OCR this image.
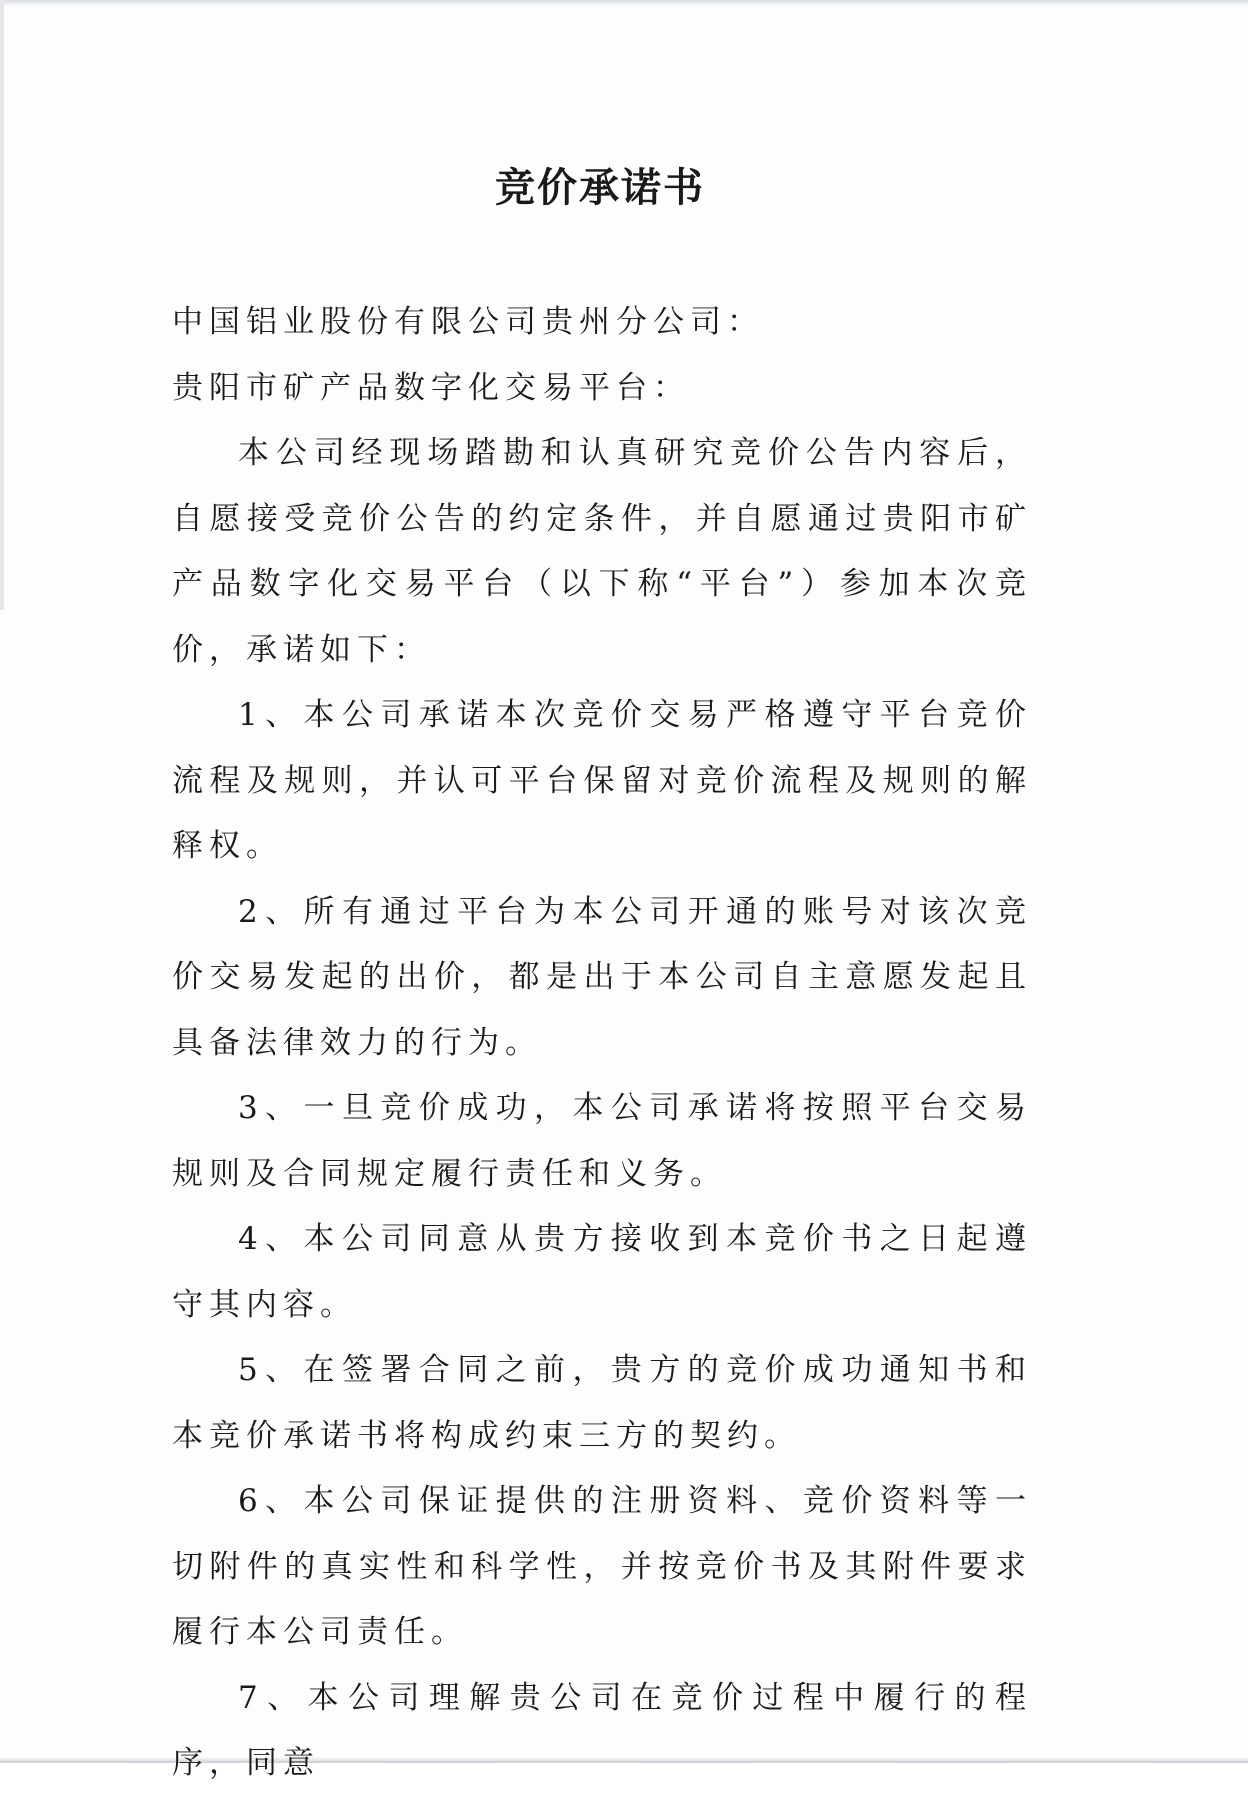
竞价承诺书

中国铝业股份有限公司贵州分公司：

贵阳市矿产品数字化交易平台：

本公司经现场踏勘和认真研究竞价公告内容后，自愿接受竞价公告的约定条件，并自愿通过贵阳市矿产品数字化交易平台（以下称“平台”）参加本次竞价，承诺如下：

1、本公司承诺本次竞价交易严格遵守平台竞价流程及规则，并认可平台保留对竞价流程及规则的解释权。

2、所有通过平台为本公司开通的账号对该次竞价交易发起的出价，都是出于本公司自主意愿发起且具备法律效力的行为。

3、一旦竞价成功，本公司承诺将按照平台交易规则及合同规定履行责任和义务。

4、本公司同意从贵方接收到本竞价书之日起遵守其内容。

5、在签署合同之前，贵方的竞价成功通知书和本竞价承诺书将构成约束三方的契约。

6、本公司保证提供的注册资料、竞价资料等一切附件的真实性和科学性，并按竞价书及其附件要求履行本公司责任。

7、本公司理解贵公司在竞价过程中履行的程序，同意
